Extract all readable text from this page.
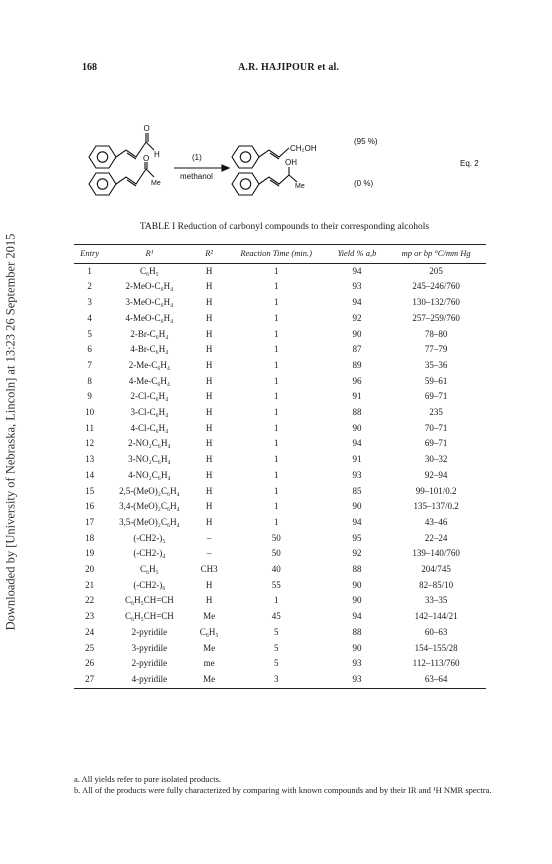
Downloaded by [University of Nebraska, Lincoln] at 13:23 26 September 2015
168	A.R. HAJIPOUR et al.
O
H
O
Me
(1)
methanol
CH₂OH
OH
Me
(95 %)
(0 %)
Eq. 2
TABLE I Reduction of carbonyl compounds to their corresponding alcohols
Entry	R¹	R²	Reaction Time (min.)	Yield % a,b	mp or bp °C/mm Hg
1	C₆H₅	H	1	94	205
2	2-MeO-C₆H₄	H	1	93	245–246/760
3	3-MeO-C₆H₄	H	1	94	130–132/760
4	4-MeO-C₆H₄	H	1	92	257–259/760
5	2-Br-C₆H₄	H	1	90	78–80
6	4-Br-C₆H₄	H	1	87	77–79
7	2-Me-C₆H₄	H	1	89	35–36
8	4-Me-C₆H₄	H	1	96	59–61
9	2-Cl-C₆H₄	H	1	91	69–71
10	3-Cl-C₆H₄	H	1	88	235
11	4-Cl-C₆H₄	H	1	90	70–71
12	2-NO₂C₆H₄	H	1	94	69–71
13	3-NO₂C₆H₄	H	1	91	30–32
14	4-NO₂C₆H₄	H	1	93	92–94
15	2,5-(MeO)₂C₆H₄	H	1	85	99–101/0.2
16	3,4-(MeO)₂C₆H₄	H	1	90	135–137/0.2
17	3,5-(MeO)₂C₆H₄	H	1	94	43–46
18	(-CH2-)₅	–	50	95	22–24
19	(-CH2-)₄	–	50	92	139–140/760
20	C₆H₅	CH3	40	88	204/745
21	(-CH2-)₆	H	55	90	82–85/10
22	C₆H₅CH=CH	H	1	90	33–35
23	C₆H₅CH=CH	Me	45	94	142–144/21
24	2-pyridile	C₆H₅	5	88	60–63
25	3-pyridile	Me	5	90	154–155/28
26	2-pyridile	me	5	93	112–113/760
27	4-pyridile	Me	3	93	63–64

a. All yields refer to pure isolated products.

b. All of the products were fully characterized by comparing with known compounds and by their IR and ¹H NMR spectra.
